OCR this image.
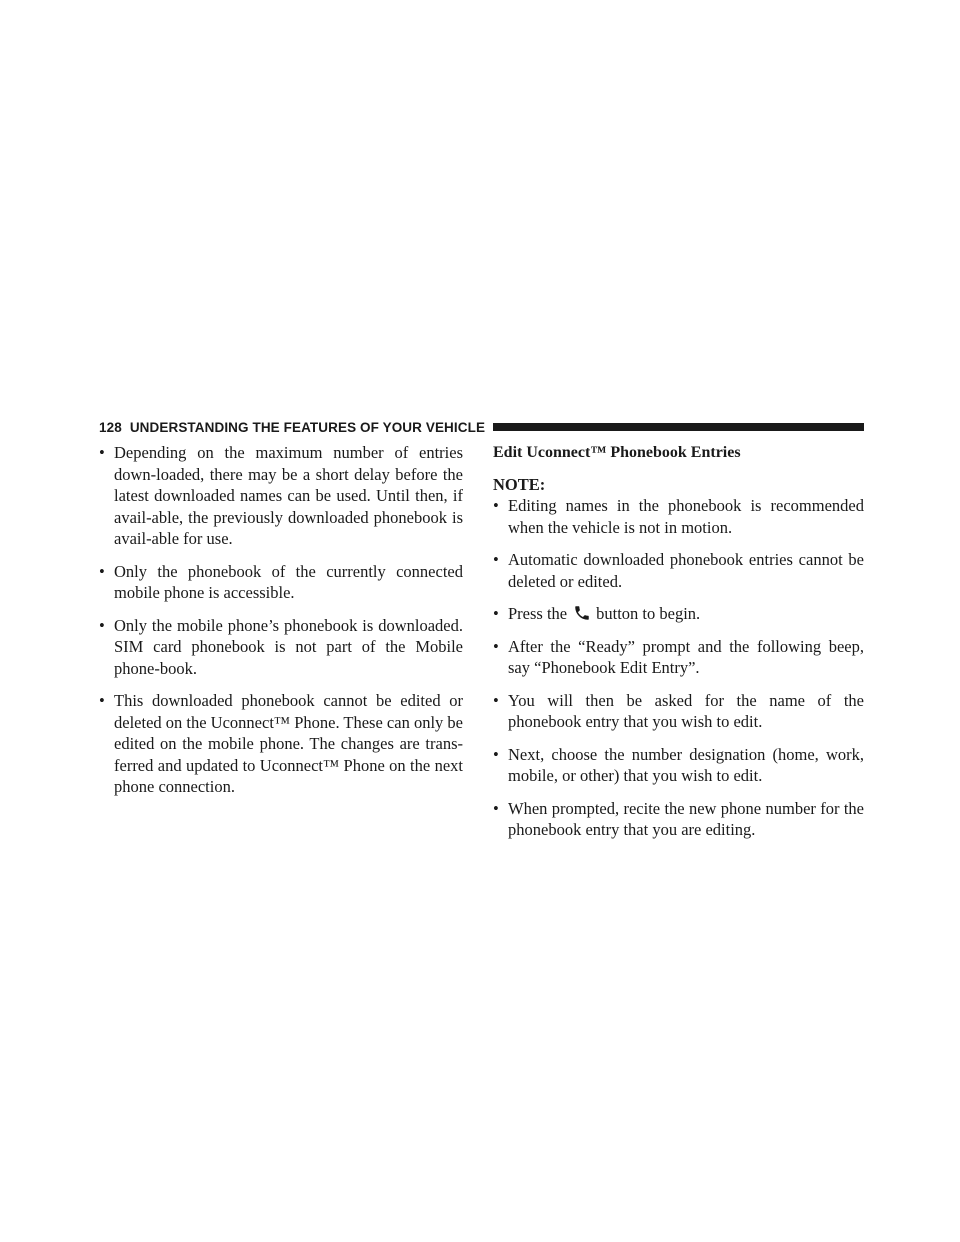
128 UNDERSTANDING THE FEATURES OF YOUR VEHICLE
• Depending on the maximum number of entries down-loaded, there may be a short delay before the latest downloaded names can be used. Until then, if avail-able, the previously downloaded phonebook is avail-able for use.
• Only the phonebook of the currently connected mobile phone is accessible.
• Only the mobile phone’s phonebook is downloaded. SIM card phonebook is not part of the Mobile phone-book.
• This downloaded phonebook cannot be edited or deleted on the Uconnect™ Phone. These can only be edited on the mobile phone. The changes are trans-ferred and updated to Uconnect™ Phone on the next phone connection.
Edit Uconnect™ Phonebook Entries
NOTE:
• Editing names in the phonebook is recommended when the vehicle is not in motion.
• Automatic downloaded phonebook entries cannot be deleted or edited.
• Press the button to begin.
• After the “Ready” prompt and the following beep, say “Phonebook Edit Entry”.
• You will then be asked for the name of the phonebook entry that you wish to edit.
• Next, choose the number designation (home, work, mobile, or other) that you wish to edit.
• When prompted, recite the new phone number for the phonebook entry that you are editing.
